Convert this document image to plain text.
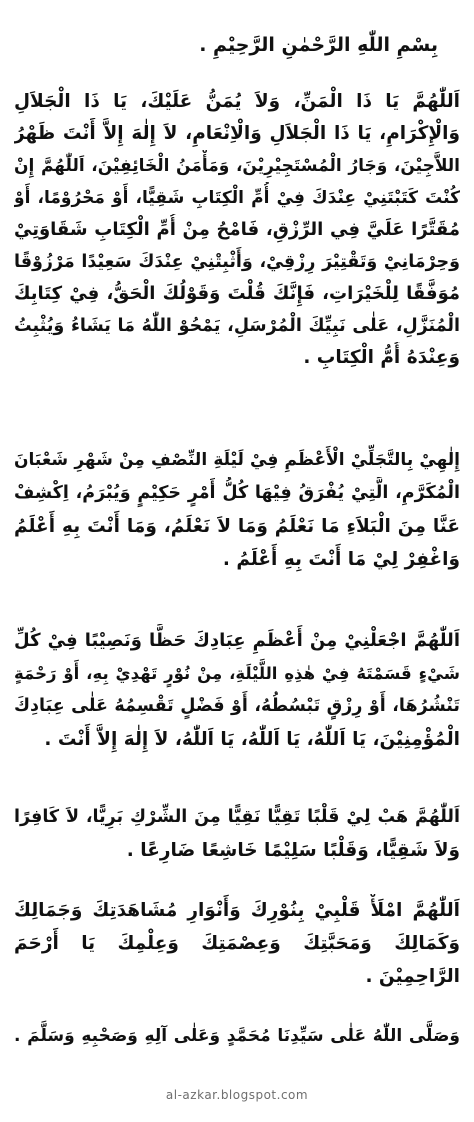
بِسْمِ اللّٰهِ الرَّحْمٰنِ الرَّحِيْمِ .
اَللّٰهُمَّ يَا ذَا الْمَنِّ، وَلاَ يُمَنُّ عَلَيْكَ، يَا ذَا الْجَلاَلِ
وَالْإِكْرَامِ، يَا ذَا الْجَلاَلِ وَالْاِنْعَامِ، لاَ إِلٰهَ إِلاَّ أَنْتَ ظَهْرُ
اللاَّجِيْنَ، وَجَارُ الْمُسْتَجِيْرِيْنَ، وَمَأْمَنُ الْخَائِفِيْنَ، اَللّٰهُمَّ إِنْ
كُنْتَ كَتَبْتَنِيْ عِنْدَكَ فِيْ أُمِّ الْكِتَابِ شَقِيًّا، أَوْ مَحْرُوْمًا، أَوْ
مُقَتَّرًا عَلَيَّ فِي الرِّزْقِ، فَامْحُ مِنْ أُمِّ الْكِتَابِ شَقَاوَتِيْ
وَحِرْمَانِيْ وَتَقْتِيْرَ رِزْقِيْ، وَأَثْبِتْنِيْ عِنْدَكَ سَعِيْدًا مَرْزُوْقًا
مُوَفَّقًا لِلْخَيْرَاتِ، فَإِنَّكَ قُلْتَ وَقَوْلُكَ الْحَقُّ، فِيْ كِتَابِكَ
الْمُنَزَّلِ، عَلٰى نَبِيِّكَ الْمُرْسَلِ، يَمْحُوْ اللّٰهُ مَا يَشَاءُ وَيُثْبِتُ
وَعِنْدَهُ أُمُّ الْكِتَابِ .
إِلٰهِيْ بِالتَّجَلِّيْ الْأَعْظَمِ فِيْ لَيْلَةِ النِّصْفِ مِنْ شَهْرِ شَعْبَانَ
الْمُكَرَّمِ، الَّتِيْ يُفْرَقُ فِيْهَا كُلُّ أَمْرٍ حَكِيْمٍ وَيُبْرَمُ، اِكْشِفْ
عَنَّا مِنَ الْبَلاَءِ مَا نَعْلَمُ وَمَا لاَ نَعْلَمُ، وَمَا أَنْتَ بِهِ أَعْلَمُ
وَاغْفِرْ لِيْ مَا أَنْتَ بِهِ أَعْلَمُ .
اَللّٰهُمَّ اجْعَلْنِيْ مِنْ أَعْظَمِ عِبَادِكَ حَظًّا وَنَصِيْبًا فِيْ كُلِّ
شَيْءٍ قَسَمْتَهُ فِيْ هٰذِهِ اللَّيْلَةِ، مِنْ نُوْرٍ تَهْدِيْ بِهِ، أَوْ رَحْمَةٍ
تَنْشُرُهَا، أَوْ رِزْقٍ تَبْسُطُهُ، أَوْ فَضْلٍ تَقْسِمُهُ عَلٰى عِبَادِكَ
الْمُؤْمِنِيْنَ، يَا اَللّٰهُ، يَا اَللّٰهُ، يَا اَللّٰهُ، لاَ إِلٰهَ إِلاَّ أَنْتَ .
اَللّٰهُمَّ هَبْ لِيْ قَلْبًا تَقِيًّا نَقِيًّا مِنَ الشِّرْكِ بَرِيًّا، لاَ كَافِرًا
وَلاَ شَقِيًّا، وَقَلْبًا سَلِيْمًا خَاشِعًا ضَارِعًا .
اَللّٰهُمَّ امْلَأْ قَلْبِيْ بِنُوْرِكَ وَأَنْوَارِ مُشَاهَدَتِكَ وَجَمَالِكَ
وَكَمَالِكَ وَمَحَبَّتِكَ وَعِصْمَتِكَ وَعِلْمِكَ يَا أَرْحَمَ
الرَّاحِمِيْنَ .
وَصَلَّى اللّٰهُ عَلٰى سَيِّدِنَا مُحَمَّدٍ وَعَلٰى آلِهِ وَصَحْبِهِ وَسَلَّمَ .
al-azkar.blogspot.com
